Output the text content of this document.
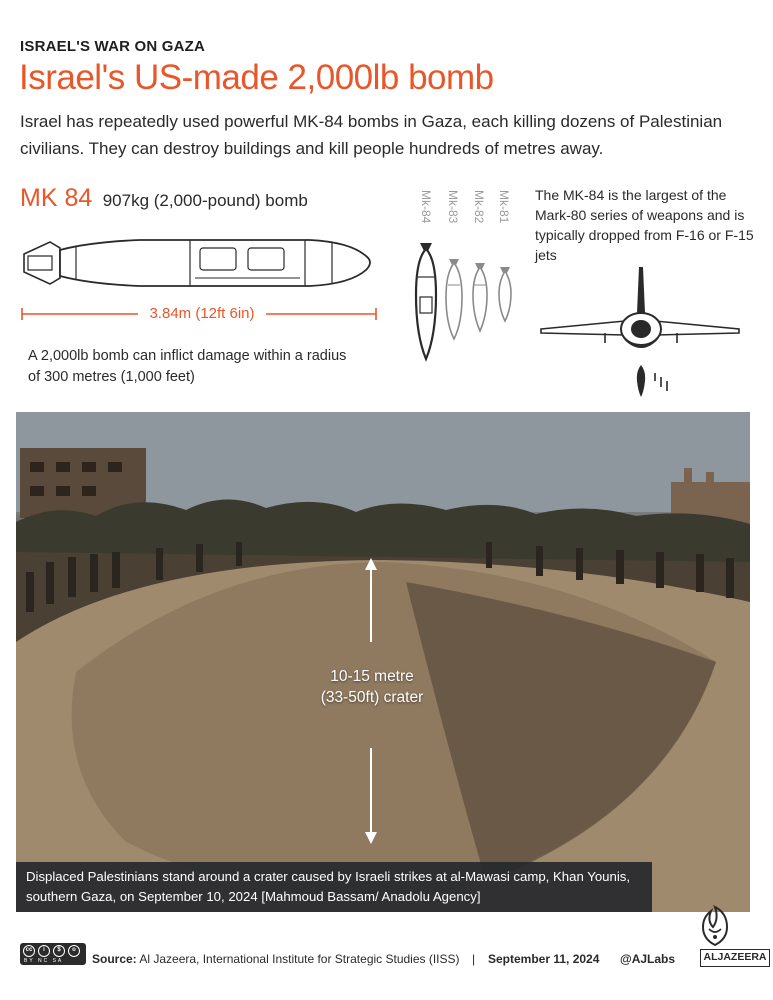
ISRAEL'S WAR ON GAZA
Israel's US-made 2,000lb bomb
Israel has repeatedly used powerful MK-84 bombs in Gaza, each killing dozens of Palestinian civilians. They can destroy buildings and kill people hundreds of metres away.
MK 84 907kg (2,000-pound) bomb
3.84m (12ft 6in)
A 2,000lb bomb can inflict damage within a radius of 300 metres (1,000 feet)
Mk-84 Mk-83 Mk-82 Mk-81 The MK-84 is the largest of the Mark-80 series of weapons and is typically dropped from F-16 or F-15 jets
10-15 metre (33-50ft) crater
Displaced Palestinians stand around a crater caused by Israeli strikes at al-Mawasi camp, Khan Younis, southern Gaza, on September 10, 2024 [Mahmoud Bassam/ Anadolu Agency]
cc	i	$	o
BY NC SA Source: Al Jazeera, International Institute for Strategic Studies (IISS) | September 11, 2024 @AJLabs	ALJAZEERA
